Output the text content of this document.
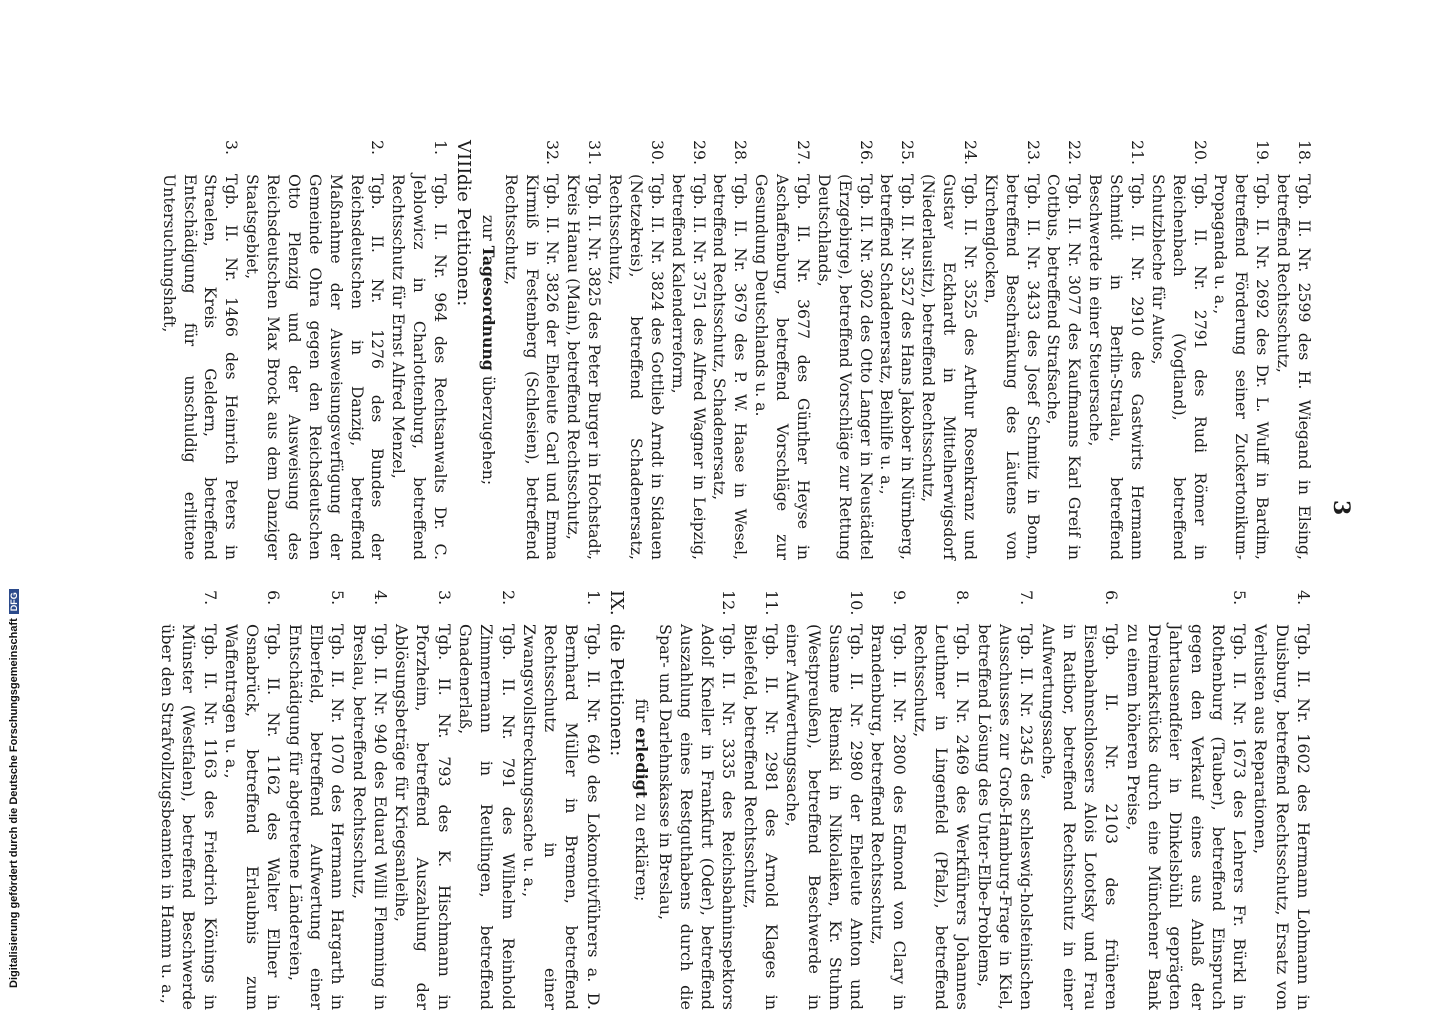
3
18.
Tgb. II. Nr. 2599 des H. Wiegand in Elsing, betreffend Rechtsschutz,
19.
Tgb. II. Nr. 2692 des Dr. L. Wulff in Bardim, betreffend Förderung seiner Zuckertonikum-Propaganda u. a.,
20.
Tgb. II. Nr. 2791 des Rudi Römer in Reichenbach (Vogtland), betreffend Schutzbleche für Autos,
21.
Tgb. II. Nr. 2910 des Gastwirts Hermann Schmidt in Berlin-Stralau, betreffend Beschwerde in einer Steuersache,
22.
Tgb. II. Nr. 3077 des Kaufmanns Karl Greif in Cottbus, betreffend Strafsache,
23.
Tgb. II. Nr. 3433 des Josef Schmitz in Bonn, betreffend Beschränkung des Läutens von Kirchenglocken,
24.
Tgb. II. Nr. 3525 des Arthur Rosenkranz und Gustav Eckhardt in Mittelherwigsdorf (Niederlausitz), betreffend Rechtsschutz,
25.
Tgb. II. Nr. 3527 des Hans Jakober in Nürnberg, betreffend Schadenersatz, Beihilfe u. a.,
26.
Tgb. II. Nr. 3602 des Otto Langer in Neustädtel (Erzgebirge), betreffend Vorschläge zur Rettung Deutschlands,
27.
Tgb. II. Nr. 3677 des Günther Heyse in Aschaffenburg, betreffend Vorschläge zur Gesundung Deutschlands u. a.
28.
Tgb. II. Nr. 3679 des P. W. Haase in Wesel, betreffend Rechtsschutz, Schadenersatz,
29.
Tgb. II. Nr. 3751 des Alfred Wagner in Leipzig, betreffend Kalenderreform,
30.
Tgb. II. Nr. 3824 des Gottlieb Arndt in Sidauen (Netzekreis), betreffend Schadenersatz, Rechtsschutz,
31.
Tgb. II. Nr. 3825 des Peter Burger in Hochstadt, Kreis Hanau (Main), betreffend Rechtsschutz,
32.
Tgb. II. Nr. 3826 der Eheleute Carl und Emma Kirmiß in Festenberg (Schlesien), betreffend Rechtsschutz,
zur Tagesordnung überzugehen;
VIII.die Petitionen:
1.
Tgb. II. Nr. 964 des Rechtsanwalts Dr. C. Jeblowicz in Charlottenburg, betreffend Rechtsschutz für Ernst Alfred Menzel,
2.
Tgb. II. Nr. 1276 des Bundes der Reichsdeutschen in Danzig, betreffend Maßnahme der Ausweisungsverfügung der Gemeinde Ohra gegen den Reichsdeutschen Otto Plenzig und der Ausweisung des Reichsdeutschen Max Brock aus dem Danziger Staatsgebiet,
3.
Tgb. II. Nr. 1466 des Heinrich Peters in Straelen, Kreis Geldern, betreffend Entschädigung für unschuldig erlittene Untersuchungshaft,
4.
Tgb. II. Nr. 1602 des Hermann Lohmann in Duisburg, betreffend Rechtsschutz, Ersatz von Verlusten aus Reparationen,
5.
Tgb. II. Nr. 1673 des Lehrers Fr. Bürkl in Rothenburg (Tauber), betreffend Einspruch gegen den Verkauf eines aus Anlaß der Jahrtausendfeier in Dinkelsbühl geprägten Dreimarkstücks durch eine Münchener Bank zu einem höheren Preise,
6.
Tgb. II. Nr. 2103 des früheren Eisenbahnschlossers Alois Lototsky und Frau in Ratibor, betreffend Rechtsschutz in einer Aufwertungssache,
7.
Tgb. II. Nr. 2345 des schleswig-holsteinischen Ausschusses zur Groß-Hamburg-Frage in Kiel, betreffend Lösung des Unter-Elbe-Problems,
8.
Tgb. II. Nr. 2469 des Werkführers Johannes Leuthner in Lingenfeld (Pfalz), betreffend Rechtsschutz,
9.
Tgb. II. Nr. 2800 des Edmond von Clary in Brandenburg, betreffend Rechtsschutz,
10.
Tgb. II. Nr. 2980 der Eheleute Anton und Susanne Riemski in Nikolaiken, Kr. Stuhm (Westpreußen), betreffend Beschwerde in einer Aufwertungssache,
11.
Tgb. II. Nr. 2981 des Arnold Klages in Bielefeld, betreffend Rechtsschutz,
12.
Tgb. II. Nr. 3335 des Reichsbahninspektors Adolf Kneller in Frankfurt (Oder), betreffend Auszahlung eines Restguthabens durch die Spar- und Darlehnskasse in Breslau,
für erledigt zu erklären;
IX.die Petitionen:
1.
Tgb. II. Nr. 640 des Lokomotivführers a. D. Bernhard Müller in Bremen, betreffend Rechtsschutz in einer Zwangsvollstreckungssache u. a.,
2.
Tgb. II. Nr. 791 des Wilhelm Reinhold Zimmermann in Reutlingen, betreffend Gnadenerlaß,
3.
Tgb. II. Nr. 793 des K. Hischmann in Pforzheim, betreffend Auszahlung der Ablösungsbeträge für Kriegsanleihe,
4.
Tgb. II. Nr. 940 des Eduard Willi Flemming in Breslau, betreffend Rechtsschutz,
5.
Tgb. II. Nr. 1070 des Hermann Hargarth in Elberfeld, betreffend Aufwertung einer Entschädigung für abgetretene Ländereien,
6.
Tgb. II. Nr. 1162 des Walter Ellner in Osnabrück, betreffend Erlaubnis zum Waffentragen u. a.,
7.
Tgb. II. Nr. 1163 des Friedrich Könings in Münster (Westfalen), betreffend Beschwerde über den Strafvollzugsbeamten in Hamm u. a.,
Digitalisierung gefördert durch die Deutsche ForschungsgemeinschaftDFG
